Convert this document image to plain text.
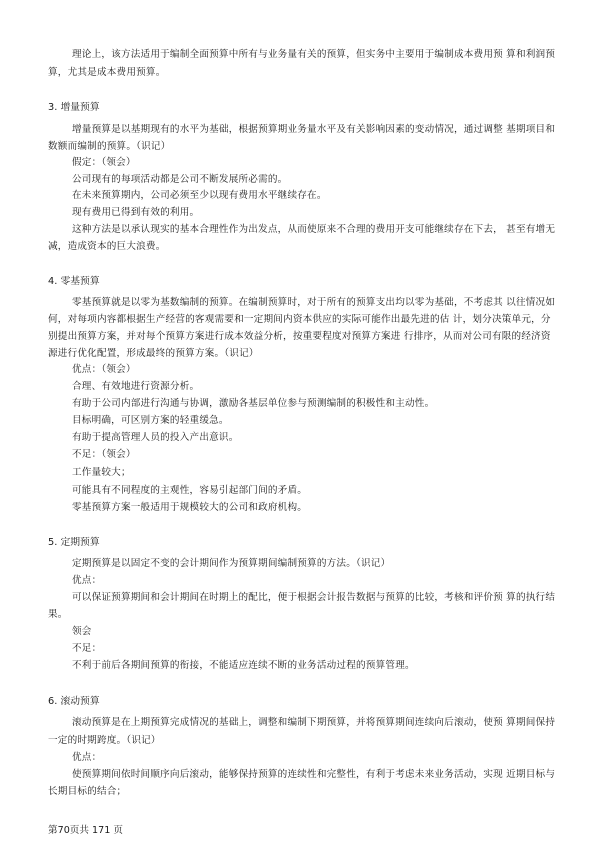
理论上，该方法适用于编制全面预算中所有与业务量有关的预算，但实务中主要用于编制成本费用预 算和利润预
算，尤其是成本费用预算。
3. 增量预算
增量预算是以基期现有的水平为基础，根据预算期业务量水平及有关影响因素的变动情况，通过调整 基期项目和
数额而编制的预算。（识记）
假定：（领会）
公司现有的每项活动都是公司不断发展所必需的。
在未来预算期内，公司必须至少以现有费用水平继续存在。
现有费用已得到有效的利用。
这种方法是以承认现实的基本合理性作为出发点，从而使原来不合理的费用开支可能继续存在下去， 甚至有增无
减，造成资本的巨大浪费。
4. 零基预算
零基预算就是以零为基数编制的预算。在编制预算时，对于所有的预算支出均以零为基础，不考虑其 以往情况如
何，对每项内容都根据生产经营的客观需要和一定期间内资本供应的实际可能作出最先进的估 计，划分决策单元，分
别提出预算方案，并对每个预算方案进行成本效益分析，按重要程度对预算方案进 行排序，从而对公司有限的经济资
源进行优化配置，形成最终的预算方案。（识记）
优点：（领会）
合理、有效地进行资源分析。
有助于公司内部进行沟通与协调，激励各基层单位参与预测编制的积极性和主动性。
目标明确，可区别方案的轻重缓急。
有助于提高管理人员的投入产出意识。
不足：（领会）
工作量较大；
可能具有不同程度的主观性，容易引起部门间的矛盾。
零基预算方案一般适用于规模较大的公司和政府机构。
5. 定期预算
定期预算是以固定不变的会计期间作为预算期间编制预算的方法。（识记）
优点：
可以保证预算期间和会计期间在时期上的配比，便于根据会计报告数据与预算的比较，考核和评价预 算的执行结
果。
领会
不足：
不利于前后各期间预算的衔接，不能适应连续不断的业务活动过程的预算管理。
6. 滚动预算
滚动预算是在上期预算完成情况的基础上，调整和编制下期预算，并将预算期间连续向后滚动，使预 算期间保持
一定的时期跨度。（识记）
优点：
使预算期间依时间顺序向后滚动，能够保持预算的连续性和完整性，有利于考虑未来业务活动，实现 近期目标与
长期目标的结合；
第70页共 171 页
